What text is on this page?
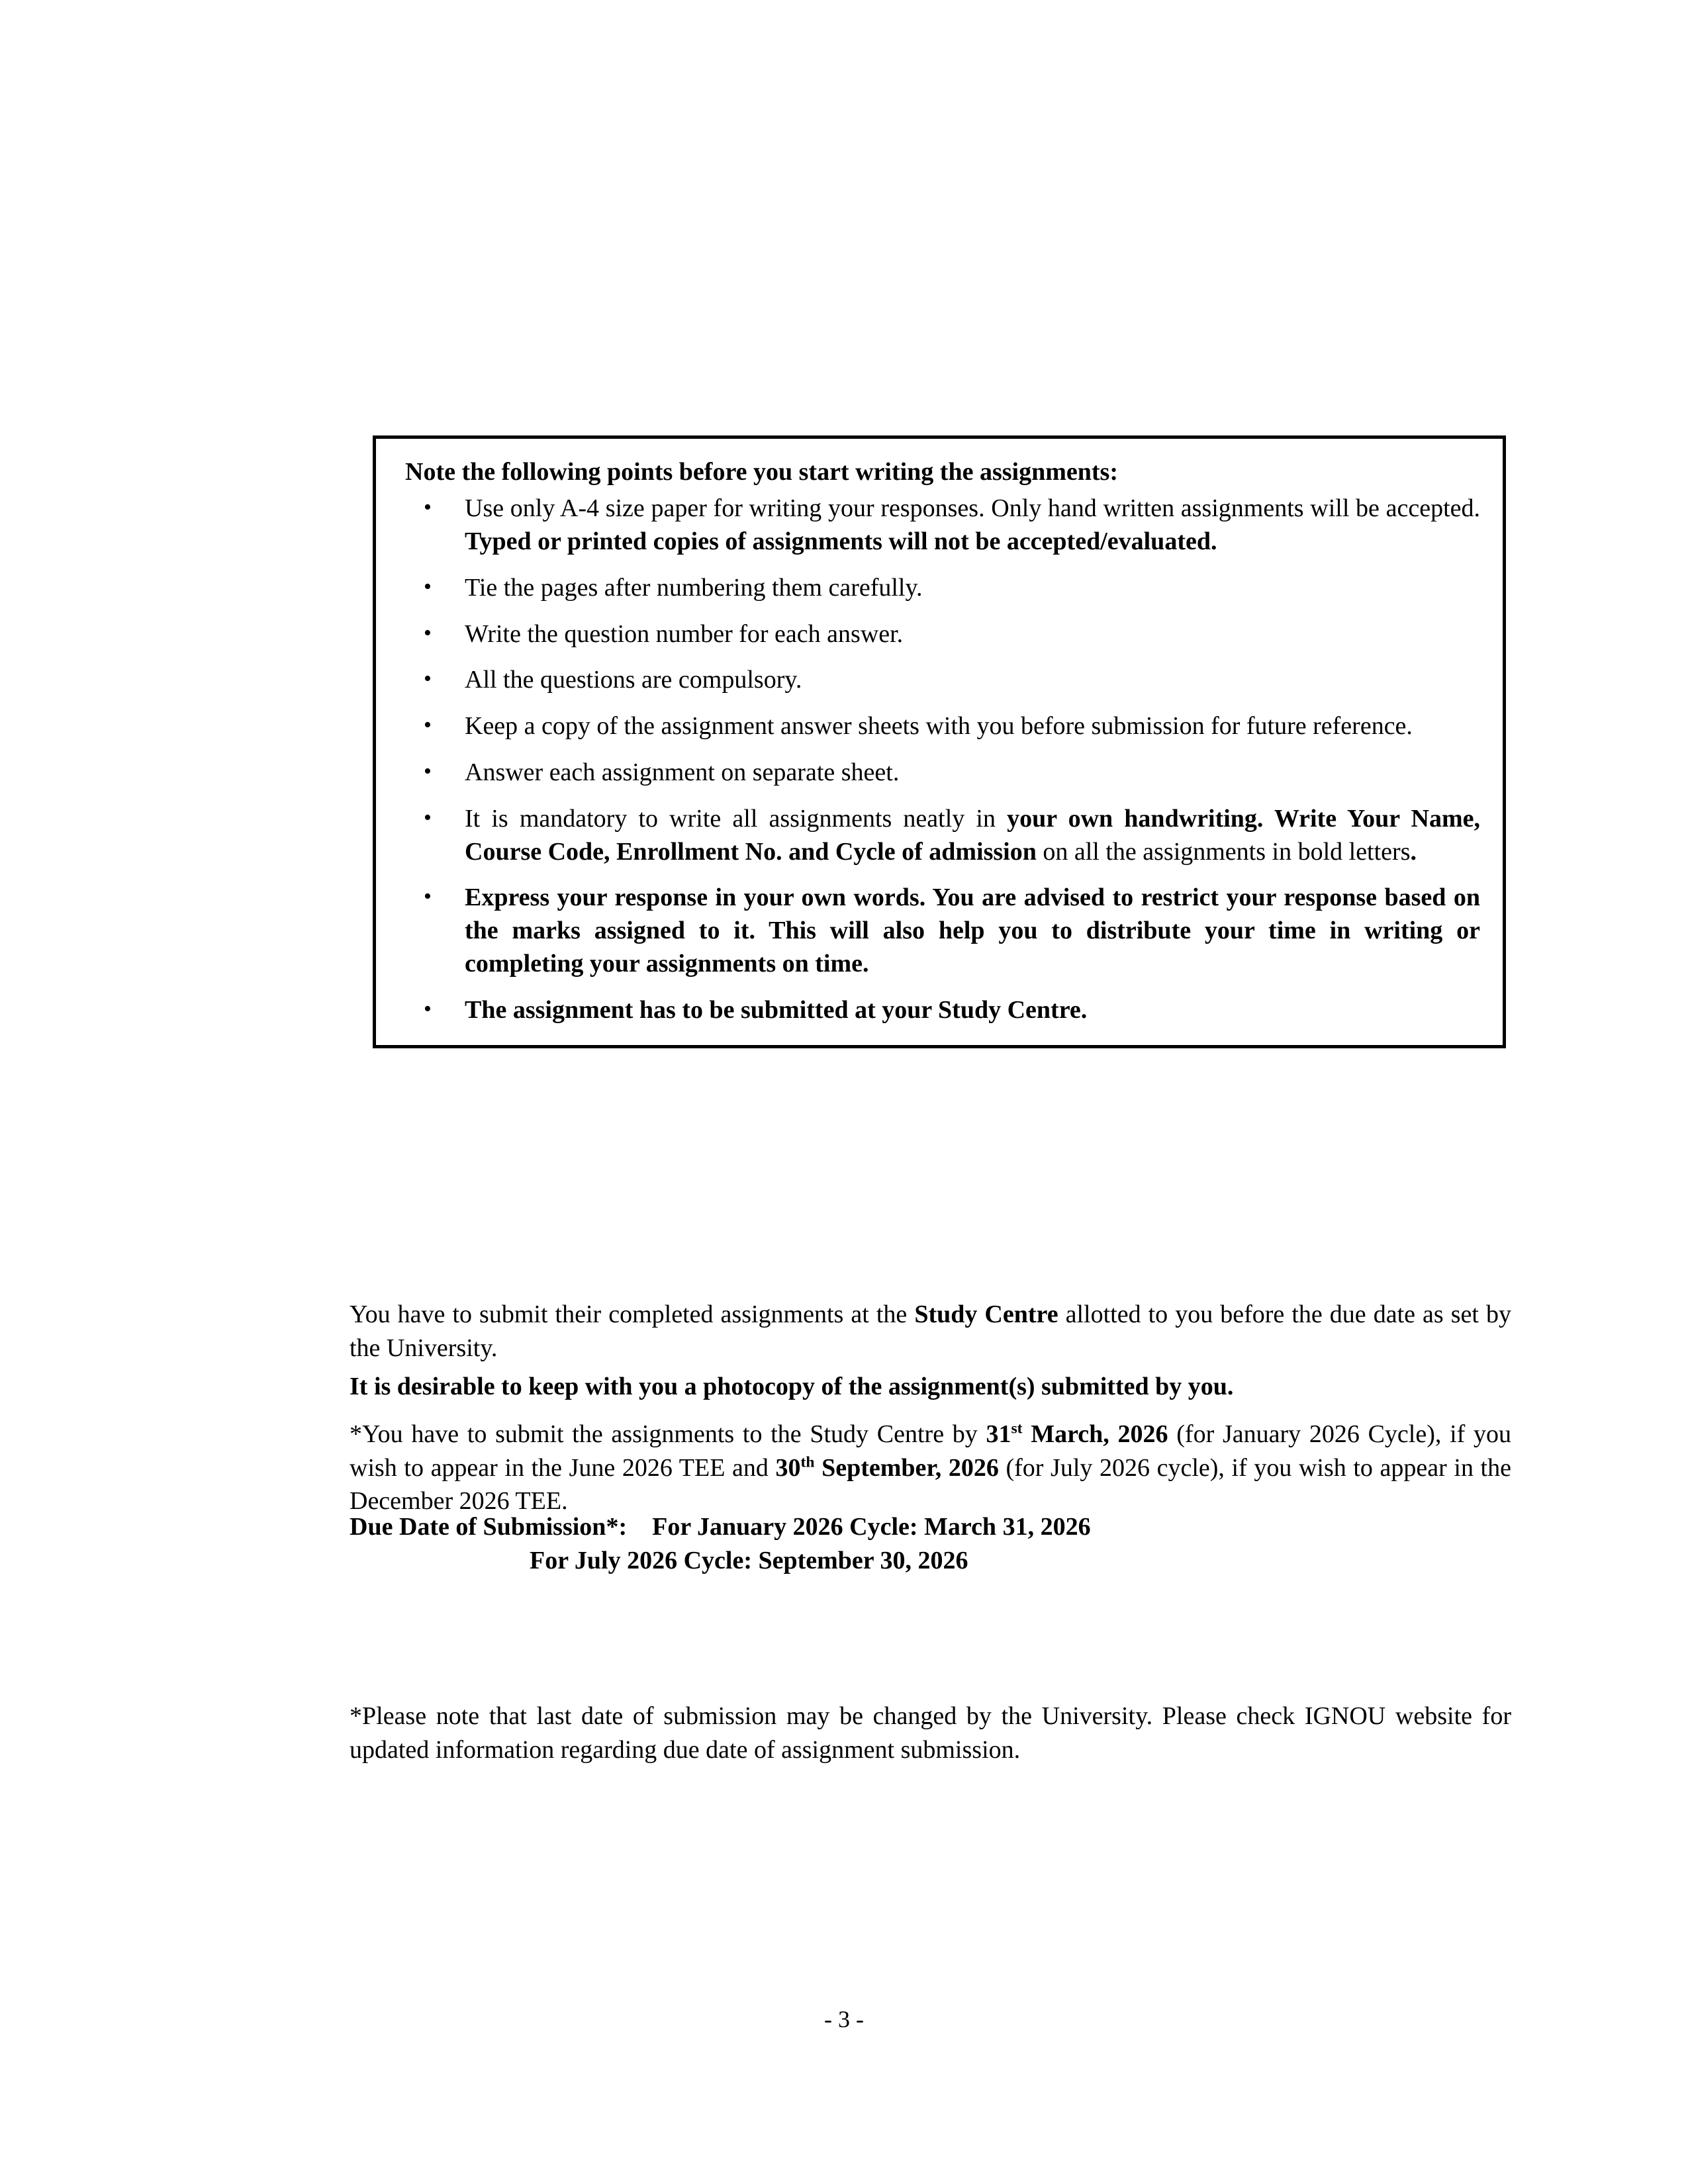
Note the following points before you start writing the assignments:
• Use only A-4 size paper for writing your responses. Only hand written assignments will be accepted. Typed or printed copies of assignments will not be accepted/evaluated.
• Tie the pages after numbering them carefully.
• Write the question number for each answer.
• All the questions are compulsory.
• Keep a copy of the assignment answer sheets with you before submission for future reference.
• Answer each assignment on separate sheet.
• It is mandatory to write all assignments neatly in your own handwriting. Write Your Name, Course Code, Enrollment No. and Cycle of admission on all the assignments in bold letters.
• Express your response in your own words. You are advised to restrict your response based on the marks assigned to it. This will also help you to distribute your time in writing or completing your assignments on time.
• The assignment has to be submitted at your Study Centre.

You have to submit their completed assignments at the Study Centre allotted to you before the due date as set by the University.

It is desirable to keep with you a photocopy of the assignment(s) submitted by you.

*You have to submit the assignments to the Study Centre by 31st March, 2026 (for January 2026 Cycle), if you wish to appear in the June 2026 TEE and 30th September, 2026 (for July 2026 cycle), if you wish to appear in the December 2026 TEE.

Due Date of Submission*: For January 2026 Cycle: March 31, 2026
For July 2026 Cycle: September 30, 2026

*Please note that last date of submission may be changed by the University. Please check IGNOU website for updated information regarding due date of assignment submission.

- 3 -
